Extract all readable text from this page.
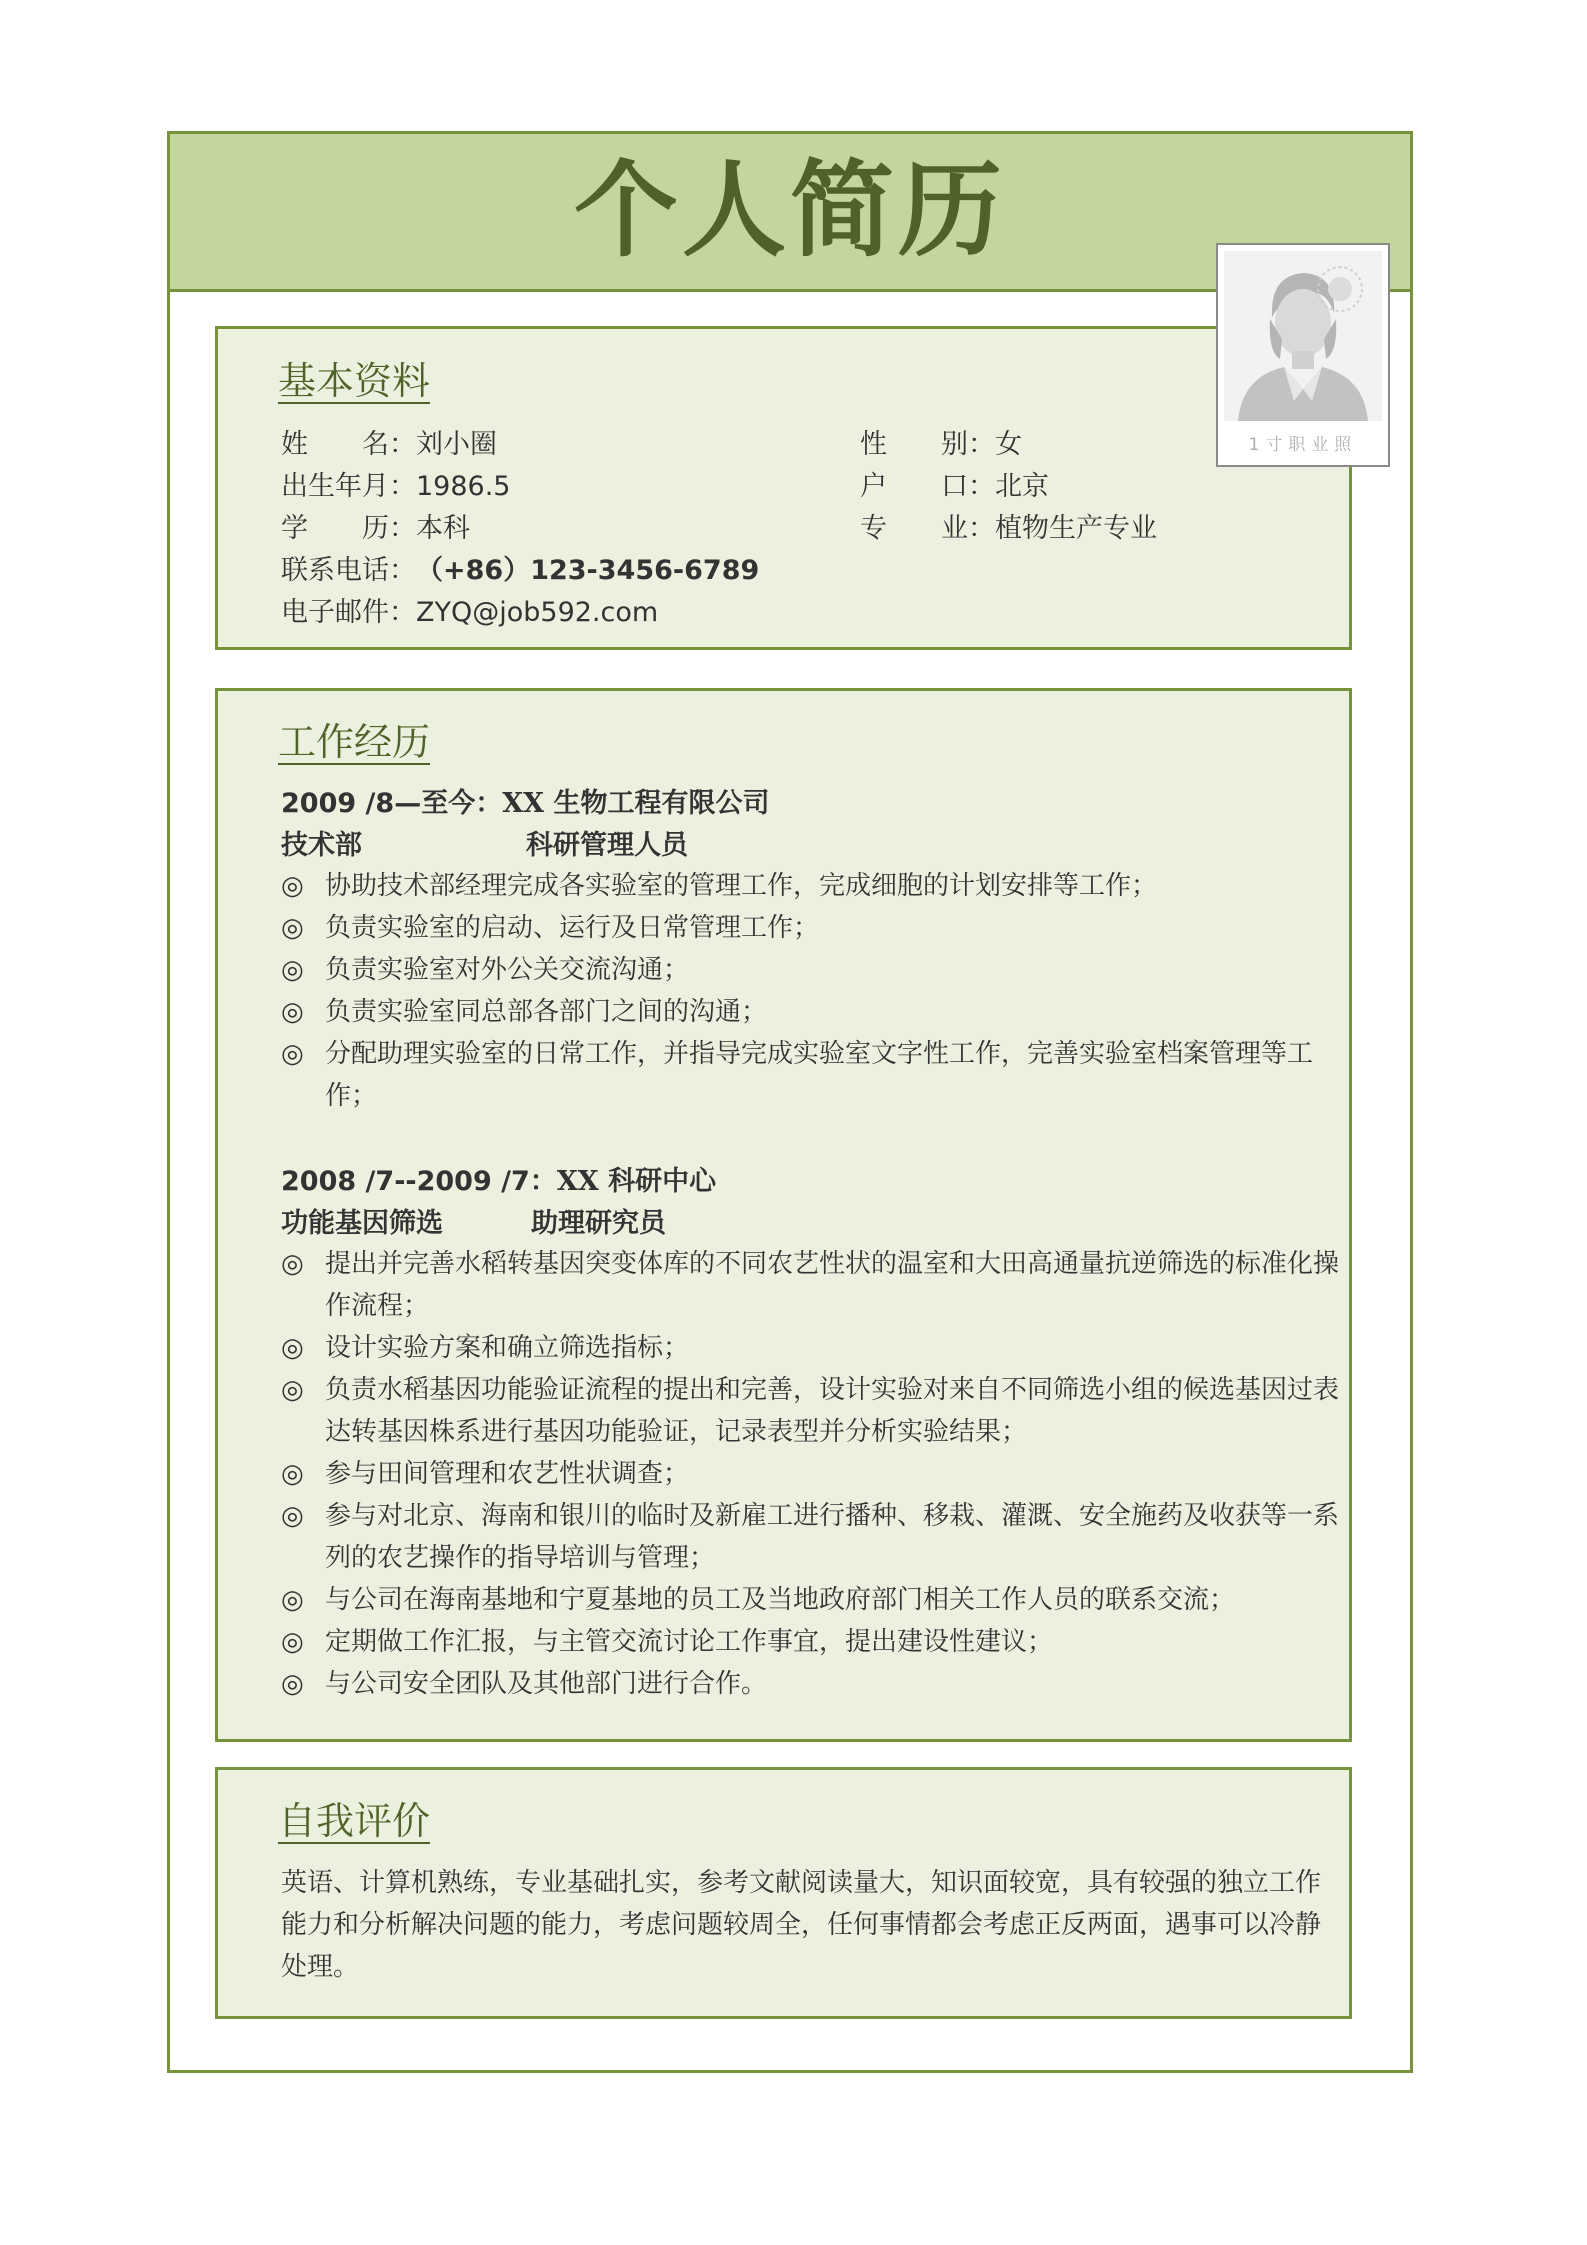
个人简历
1寸职业照
基本资料
姓　　名：刘小圈
出生年月：1986.5
学　　历：本科
联系电话：（+86）123-3456-6789
电子邮件：ZYQ@job592.com
性　　别：女
户　　口：北京
专　　业：植物生产专业
工作经历
2009 /8—至今：XX 生物工程有限公司
技术部	科研管理人员
◎ 协助技术部经理完成各实验室的管理工作，完成细胞的计划安排等工作；
◎ 负责实验室的启动、运行及日常管理工作；
◎ 负责实验室对外公关交流沟通；
◎ 负责实验室同总部各部门之间的沟通；
◎ 分配助理实验室的日常工作，并指导完成实验室文字性工作，完善实验室档案管理等工作；
2008 /7--2009 /7：XX 科研中心
功能基因筛选	助理研究员
◎ 提出并完善水稻转基因突变体库的不同农艺性状的温室和大田高通量抗逆筛选的标准化操作流程；
◎ 设计实验方案和确立筛选指标；
◎ 负责水稻基因功能验证流程的提出和完善，设计实验对来自不同筛选小组的候选基因过表达转基因株系进行基因功能验证，记录表型并分析实验结果；
◎ 参与田间管理和农艺性状调查；
◎ 参与对北京、海南和银川的临时及新雇工进行播种、移栽、灌溉、安全施药及收获等一系列的农艺操作的指导培训与管理；
◎ 与公司在海南基地和宁夏基地的员工及当地政府部门相关工作人员的联系交流；
◎ 定期做工作汇报，与主管交流讨论工作事宜，提出建设性建议；
◎ 与公司安全团队及其他部门进行合作。
自我评价
英语、计算机熟练，专业基础扎实，参考文献阅读量大，知识面较宽，具有较强的独立工作能力和分析解决问题的能力，考虑问题较周全，任何事情都会考虑正反两面，遇事可以冷静处理。
